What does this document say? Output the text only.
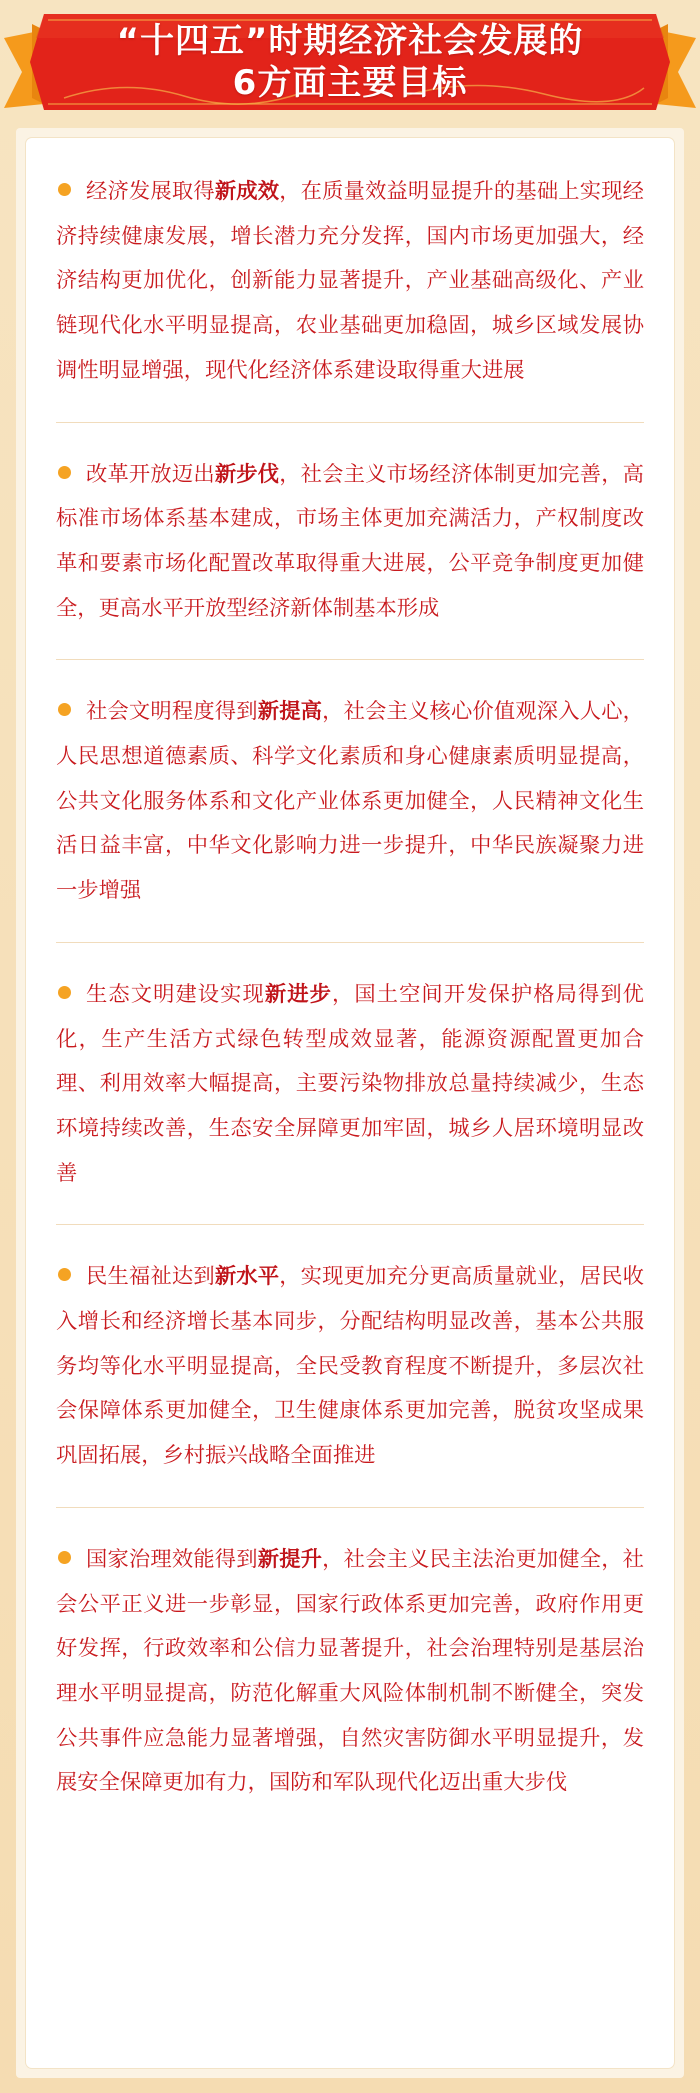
“十四五”时期经济社会发展的
6方面主要目标

经济发展取得新成效，在质量效益明显提升的基础上实现经济持续健康发展，增长潜力充分发挥，国内市场更加强大，经济结构更加优化，创新能力显著提升，产业基础高级化、产业链现代化水平明显提高，农业基础更加稳固，城乡区域发展协调性明显增强，现代化经济体系建设取得重大进展

改革开放迈出新步伐，社会主义市场经济体制更加完善，高标准市场体系基本建成，市场主体更加充满活力，产权制度改革和要素市场化配置改革取得重大进展，公平竞争制度更加健全，更高水平开放型经济新体制基本形成

社会文明程度得到新提高，社会主义核心价值观深入人心，人民思想道德素质、科学文化素质和身心健康素质明显提高，公共文化服务体系和文化产业体系更加健全，人民精神文化生活日益丰富，中华文化影响力进一步提升，中华民族凝聚力进一步增强

生态文明建设实现新进步，国土空间开发保护格局得到优化，生产生活方式绿色转型成效显著，能源资源配置更加合理、利用效率大幅提高，主要污染物排放总量持续减少，生态环境持续改善，生态安全屏障更加牢固，城乡人居环境明显改善

民生福祉达到新水平，实现更加充分更高质量就业，居民收入增长和经济增长基本同步，分配结构明显改善，基本公共服务均等化水平明显提高，全民受教育程度不断提升，多层次社会保障体系更加健全，卫生健康体系更加完善，脱贫攻坚成果巩固拓展，乡村振兴战略全面推进

国家治理效能得到新提升，社会主义民主法治更加健全，社会公平正义进一步彰显，国家行政体系更加完善，政府作用更好发挥，行政效率和公信力显著提升，社会治理特别是基层治理水平明显提高，防范化解重大风险体制机制不断健全，突发公共事件应急能力显著增强，自然灾害防御水平明显提升，发展安全保障更加有力，国防和军队现代化迈出重大步伐
